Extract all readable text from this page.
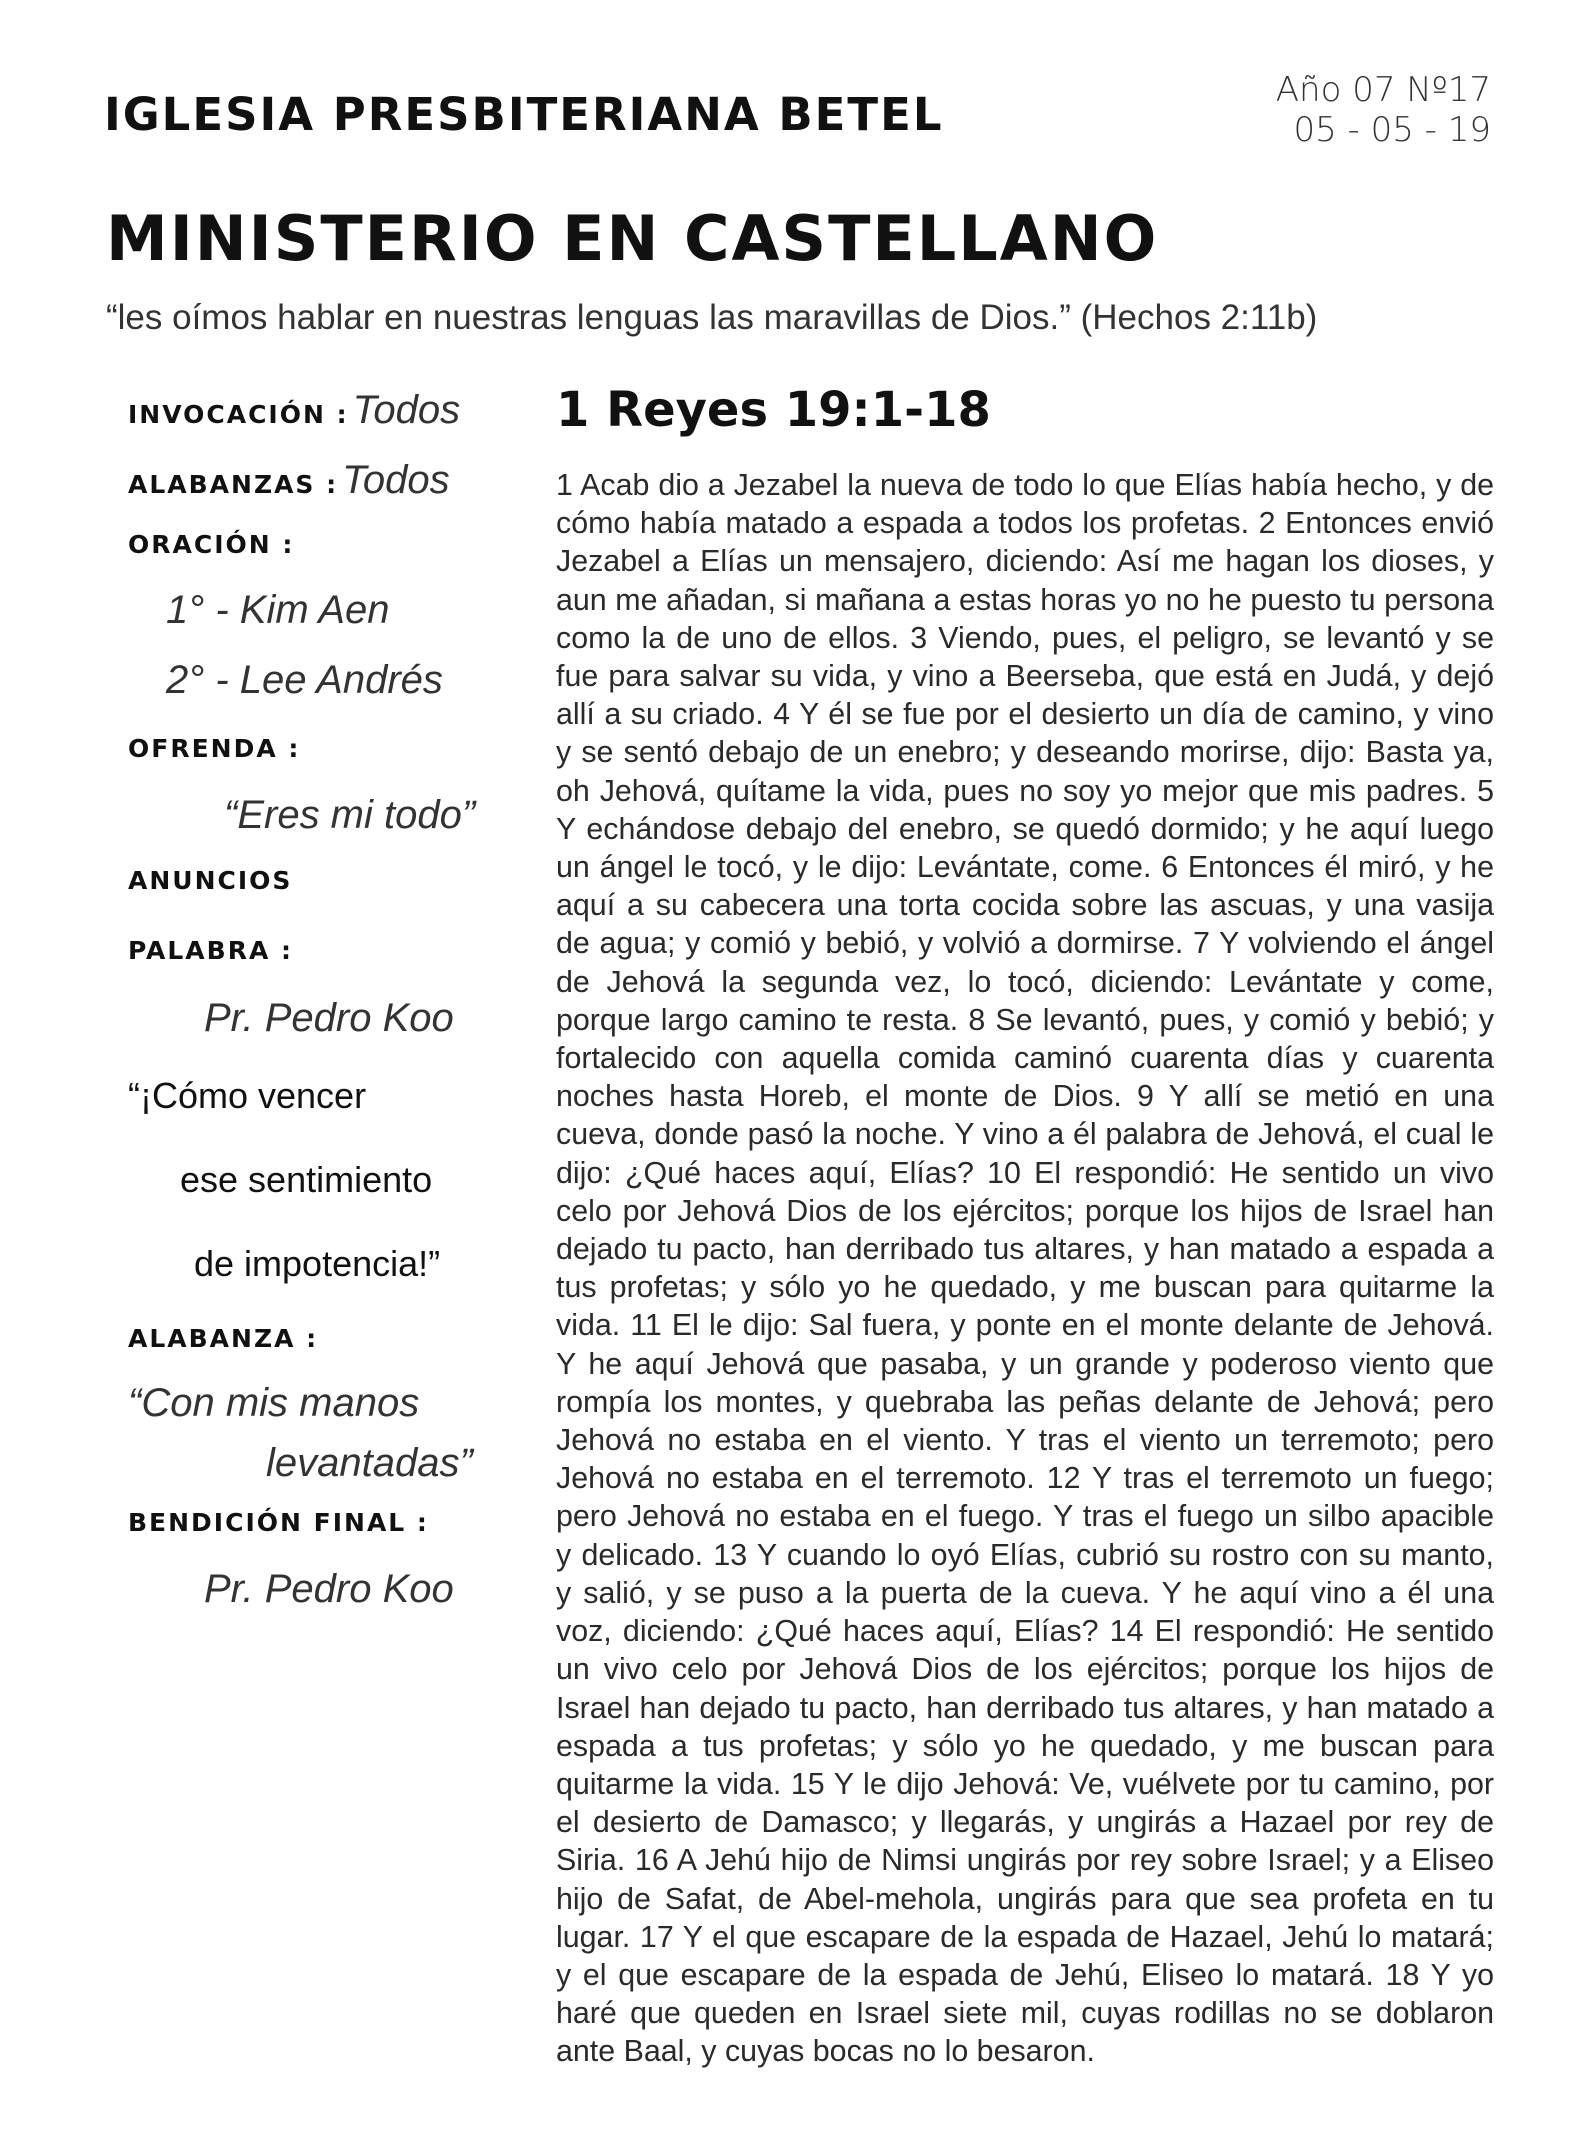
IGLESIA PRESBITERIANA BETEL	Año 07 Nº17
05 - 05 - 19
MINISTERIO EN CASTELLANO
“les oímos hablar en nuestras lenguas las maravillas de Dios.” (Hechos 2:11b)
INVOCACIÓN : Todos
ALABANZAS : Todos
ORACIÓN :
1° - Kim Aen
2° - Lee Andrés
OFRENDA :
“Eres mi todo”
ANUNCIOS
PALABRA :
Pr. Pedro Koo
“¡Cómo vencer
ese sentimiento
de impotencia!”
ALABANZA :
“Con mis manos
levantadas”
BENDICIÓN FINAL :
Pr. Pedro Koo
1 Reyes 19:1-18

1 Acab dio a Jezabel la nueva de todo lo que Elías había hecho, y de cómo había matado a espada a todos los profetas. 2 Entonces envió Jezabel a Elías un mensajero, diciendo: Así me hagan los dioses, y aun me añadan, si mañana a estas horas yo no he puesto tu persona como la de uno de ellos. 3 Viendo, pues, el peligro, se levantó y se fue para salvar su vida, y vino a Beerseba, que está en Judá, y dejó allí a su criado. 4 Y él se fue por el desierto un día de camino, y vino y se sentó debajo de un enebro; y deseando morirse, dijo: Basta ya, oh Jehová, quítame la vida, pues no soy yo mejor que mis padres. 5 Y echándose debajo del enebro, se quedó dormido; y he aquí luego un ángel le tocó, y le dijo: Levántate, come. 6 Entonces él miró, y he aquí a su cabecera una torta cocida sobre las ascuas, y una vasija de agua; y comió y bebió, y volvió a dormirse. 7 Y volviendo el ángel de Jehová la segunda vez, lo tocó, diciendo: Levántate y come, porque largo camino te resta. 8 Se levantó, pues, y comió y bebió; y fortalecido con aquella comida caminó cuarenta días y cuarenta noches hasta Horeb, el monte de Dios. 9 Y allí se metió en una cueva, donde pasó la noche. Y vino a él palabra de Jehová, el cual le dijo: ¿Qué haces aquí, Elías? 10 El respondió: He sentido un vivo celo por Jehová Dios de los ejércitos; porque los hijos de Israel han dejado tu pacto, han derribado tus altares, y han matado a espada a tus profetas; y sólo yo he quedado, y me buscan para quitarme la vida. 11 El le dijo: Sal fuera, y ponte en el monte delante de Jehová. Y he aquí Jehová que pasaba, y un grande y poderoso viento que rompía los montes, y quebraba las peñas delante de Jehová; pero Jehová no estaba en el viento. Y tras el viento un terremoto; pero Jehová no estaba en el terremoto. 12 Y tras el terremoto un fuego; pero Jehová no estaba en el fuego. Y tras el fuego un silbo apacible y delicado. 13 Y cuando lo oyó Elías, cubrió su rostro con su manto, y salió, y se puso a la puerta de la cueva. Y he aquí vino a él una voz, diciendo: ¿Qué haces aquí, Elías? 14 El respondió: He sentido un vivo celo por Jehová Dios de los ejércitos; porque los hijos de Israel han dejado tu pacto, han derribado tus altares, y han matado a espada a tus profetas; y sólo yo he quedado, y me buscan para quitarme la vida. 15 Y le dijo Jehová: Ve, vuélvete por tu camino, por el desierto de Damasco; y llegarás, y ungirás a Hazael por rey de Siria. 16 A Jehú hijo de Nimsi ungirás por rey sobre Israel; y a Eliseo hijo de Safat, de Abel-mehola, ungirás para que sea profeta en tu lugar. 17 Y el que escapare de la espada de Hazael, Jehú lo matará; y el que escapare de la espada de Jehú, Eliseo lo matará. 18 Y yo haré que queden en Israel siete mil, cuyas rodillas no se doblaron ante Baal, y cuyas bocas no lo besaron.
